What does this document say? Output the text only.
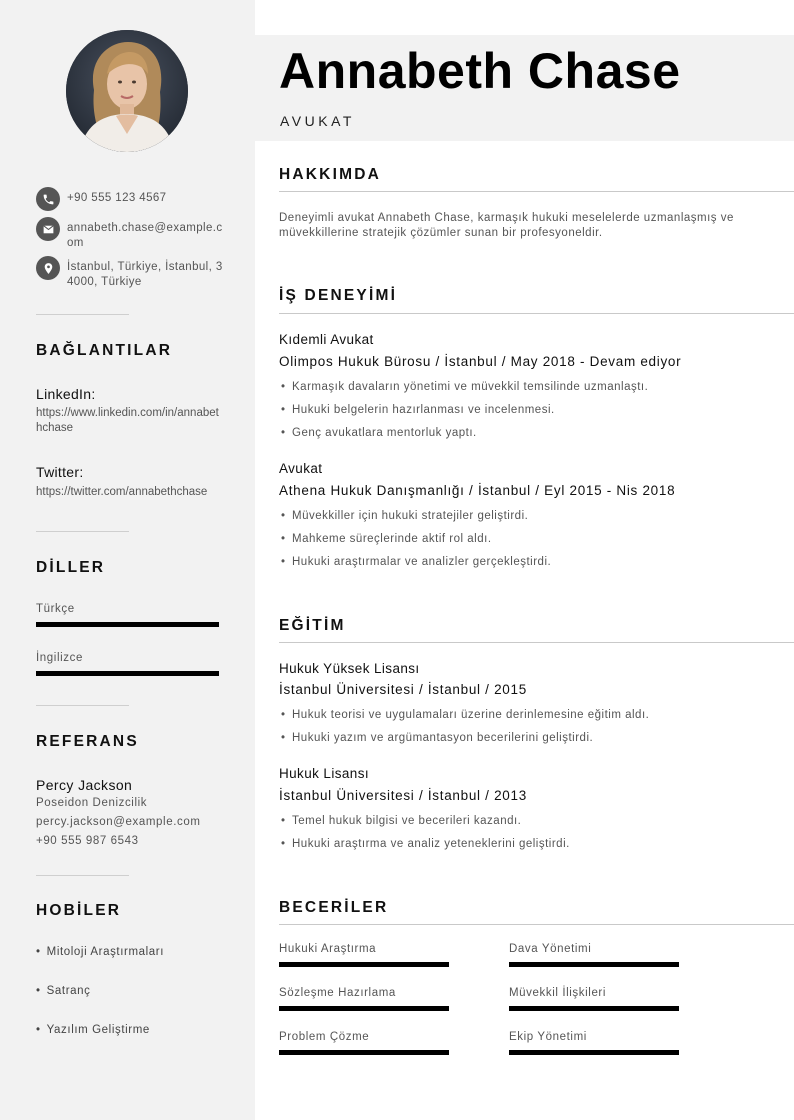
+90 555 123 4567
annabeth.chase@example.com
İstanbul, Türkiye, İstanbul, 34000, Türkiye
BAĞLANTILAR
LinkedIn:
https://www.linkedin.com/in/annabethchase
Twitter:
https://twitter.com/annabethchase
DİLLER
Türkçe
İngilizce
REFERANS
Percy Jackson
Poseidon Denizcilik
percy.jackson@example.com
+90 555 987 6543
HOBİLER
• Mitoloji Araştırmaları
• Satranç
• Yazılım Geliştirme
Annabeth Chase
AVUKAT
HAKKIMDA
Deneyimli avukat Annabeth Chase, karmaşık hukuki meselelerde uzmanlaşmış ve müvekkillerine stratejik çözümler sunan bir profesyoneldir.
İŞ DENEYİMİ
Kıdemli Avukat
Olimpos Hukuk Bürosu / İstanbul / May 2018 - Devam ediyor
• Karmaşık davaların yönetimi ve müvekkil temsilinde uzmanlaştı.
• Hukuki belgelerin hazırlanması ve incelenmesi.
• Genç avukatlara mentorluk yaptı.
Avukat
Athena Hukuk Danışmanlığı / İstanbul / Eyl 2015 - Nis 2018
• Müvekkiller için hukuki stratejiler geliştirdi.
• Mahkeme süreçlerinde aktif rol aldı.
• Hukuki araştırmalar ve analizler gerçekleştirdi.
EĞİTİM
Hukuk Yüksek Lisansı
İstanbul Üniversitesi / İstanbul / 2015
• Hukuk teorisi ve uygulamaları üzerine derinlemesine eğitim aldı.
• Hukuki yazım ve argümantasyon becerilerini geliştirdi.
Hukuk Lisansı
İstanbul Üniversitesi / İstanbul / 2013
• Temel hukuk bilgisi ve becerileri kazandı.
• Hukuki araştırma ve analiz yeteneklerini geliştirdi.
BECERİLER
Hukuki Araştırma	Dava Yönetimi
Sözleşme Hazırlama	Müvekkil İlişkileri
Problem Çözme	Ekip Yönetimi
